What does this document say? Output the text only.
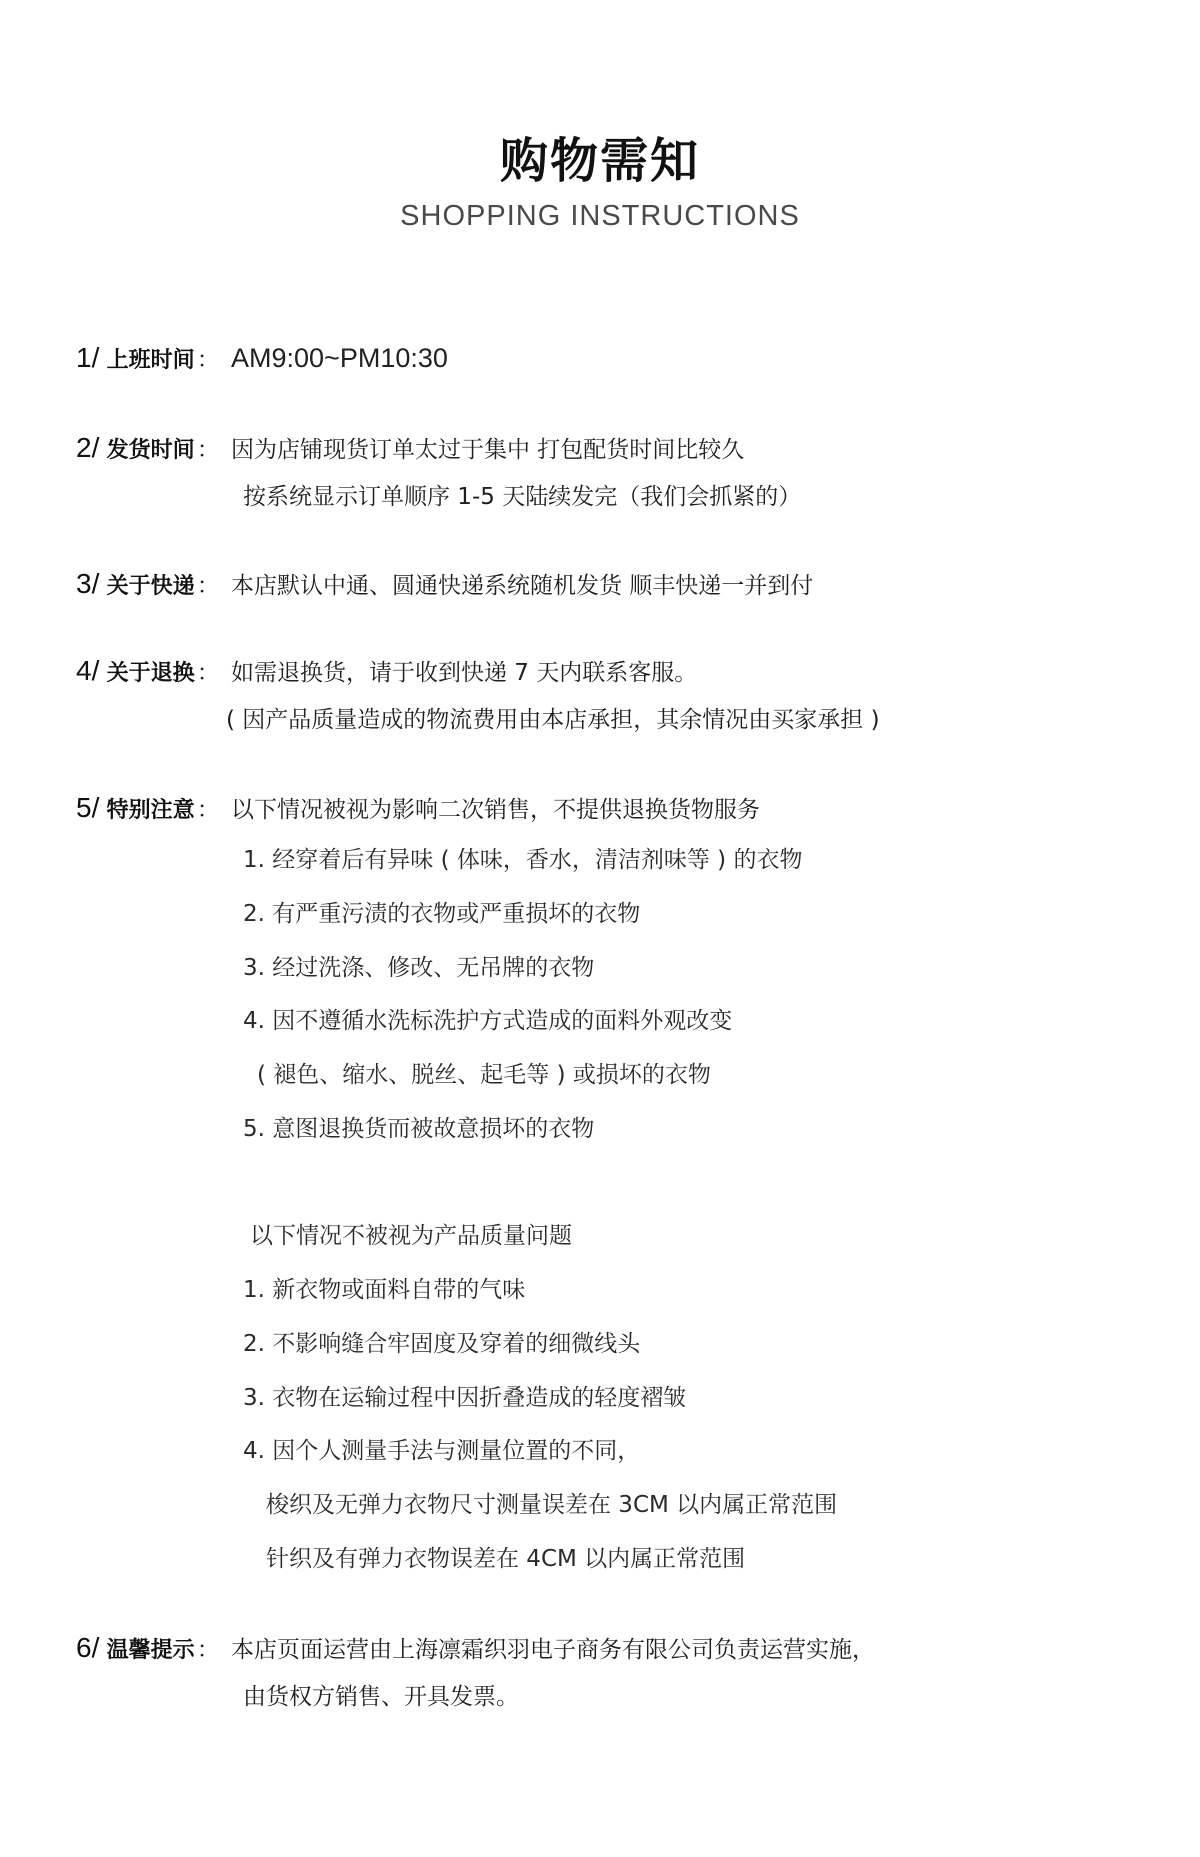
购物需知
SHOPPING INSTRUCTIONS
1/ 上班时间： AM9:00~PM10:30
2/ 发货时间： 因为店铺现货订单太过于集中 打包配货时间比较久
按系统显示订单顺序 1-5 天陆续发完（我们会抓紧的）
3/ 关于快递： 本店默认中通、圆通快递系统随机发货 顺丰快递一并到付
4/ 关于退换： 如需退换货，请于收到快递 7 天内联系客服。
( 因产品质量造成的物流费用由本店承担，其余情况由买家承担 )
5/ 特别注意： 以下情况被视为影响二次销售，不提供退换货物服务
1. 经穿着后有异味 ( 体味，香水，清洁剂味等 ) 的衣物
2. 有严重污渍的衣物或严重损坏的衣物
3. 经过洗涤、修改、无吊牌的衣物
4. 因不遵循水洗标洗护方式造成的面料外观改变
( 褪色、缩水、脱丝、起毛等 ) 或损坏的衣物
5. 意图退换货而被故意损坏的衣物
以下情况不被视为产品质量问题
1. 新衣物或面料自带的气味
2. 不影响缝合牢固度及穿着的细微线头
3. 衣物在运输过程中因折叠造成的轻度褶皱
4. 因个人测量手法与测量位置的不同，
梭织及无弹力衣物尺寸测量误差在 3CM 以内属正常范围
针织及有弹力衣物误差在 4CM 以内属正常范围
6/ 温馨提示： 本店页面运营由上海凛霜织羽电子商务有限公司负责运营实施，
由货权方销售、开具发票。
